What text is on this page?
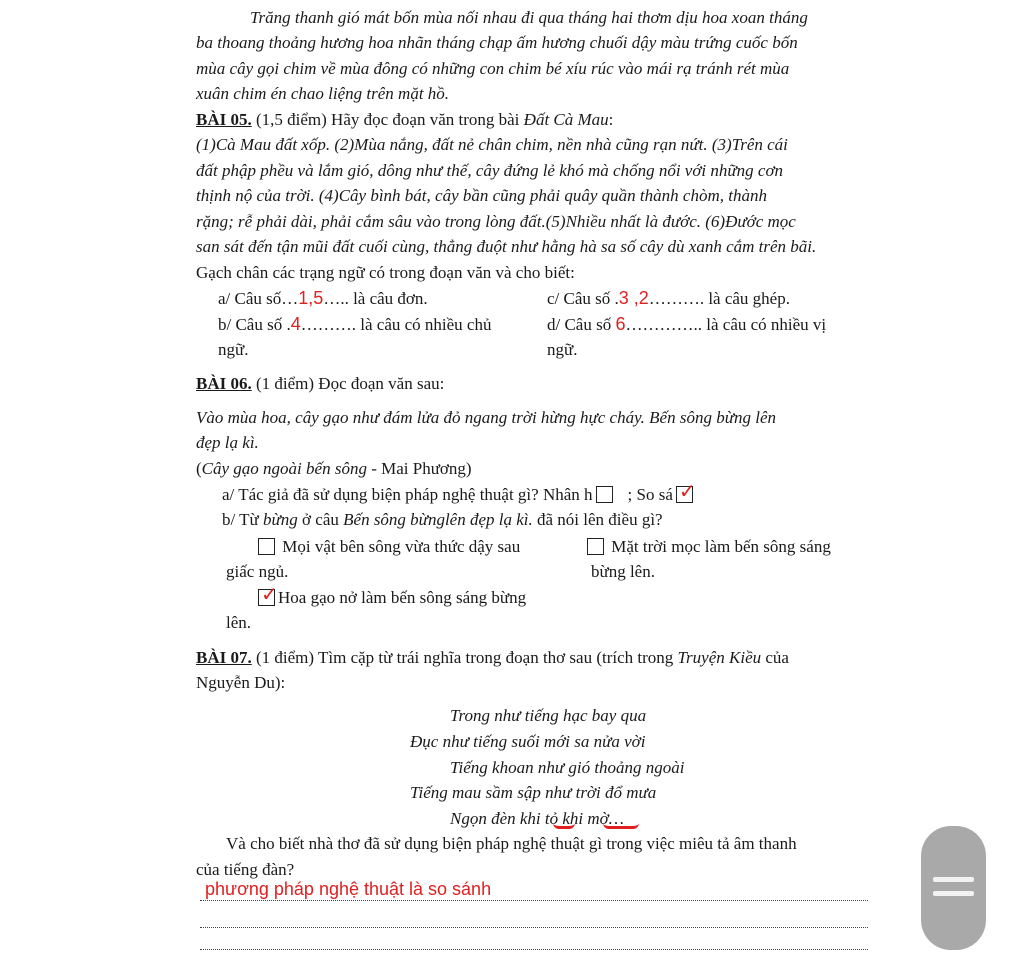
Trăng thanh gió mát bốn mùa nối nhau đi qua tháng hai thơm dịu hoa xoan tháng
ba thoang thoảng hương hoa nhãn tháng chạp ấm hương chuối dậy màu trứng cuốc bốn
mùa cây gọi chim về mùa đông có những con chim bé xíu rúc vào mái rạ tránh rét mùa
xuân chim én chao liệng trên mặt hồ.
BÀI 05. (1,5 điểm) Hãy đọc đoạn văn trong bài Đất Cà Mau:
(1)Cà Mau đất xốp. (2)Mùa nắng, đất nẻ chân chim, nền nhà cũng rạn nứt. (3)Trên cái
đất phập phều và lắm gió, dông như thế, cây đứng lẻ khó mà chống nổi với những cơn
thịnh nộ của trời. (4)Cây bình bát, cây bần cũng phải quây quần thành chòm, thành
rặng; rễ phải dài, phải cắm sâu vào trong lòng đất.(5)Nhiều nhất là đước. (6)Đước mọc
san sát đến tận mũi đất cuối cùng, thẳng đuột như hằng hà sa số cây dù xanh cắm trên bãi.
Gạch chân các trạng ngữ có trong đoạn văn và cho biết:
a/ Câu số…1,5….. là câu đơn.	c/ Câu số .3 ,2………. là câu ghép.
b/ Câu số .4………. là câu có nhiều chủ	d/ Câu số 6………….. là câu có nhiều vị
ngữ.	ngữ.
BÀI 06. (1 điểm) Đọc đoạn văn sau:
Vào mùa hoa, cây gạo như đám lửa đỏ ngang trời hừng hực cháy. Bến sông bừng lên
đẹp lạ kì.
(Cây gạo ngoài bến sông - Mai Phương)
a/ Tác giả đã sử dụng biện pháp nghệ thuật gì? Nhân h ; So sá ✓
b/ Từ bừng ở câu Bến sông bừnglên đẹp lạ kì. đã nói lên điều gì?
Mọi vật bên sông vừa thức dậy sau
giấc ngủ.
Mặt trời mọc làm bến sông sáng
bừng lên.
✓ Hoa gạo nở làm bến sông sáng bừng
lên.
BÀI 07. (1 điểm) Tìm cặp từ trái nghĩa trong đoạn thơ sau (trích trong Truyện Kiều của
Nguyễn Du):
Trong như tiếng hạc bay qua
Đục như tiếng suối mới sa nửa vời
Tiếng khoan như gió thoảng ngoài
Tiếng mau sầm sập như trời đổ mưa
Ngọn đèn khi tỏ khi mờ…
Và cho biết nhà thơ đã sử dụng biện pháp nghệ thuật gì trong việc miêu tả âm thanh
của tiếng đàn?
phương pháp nghệ thuật là so sánh
